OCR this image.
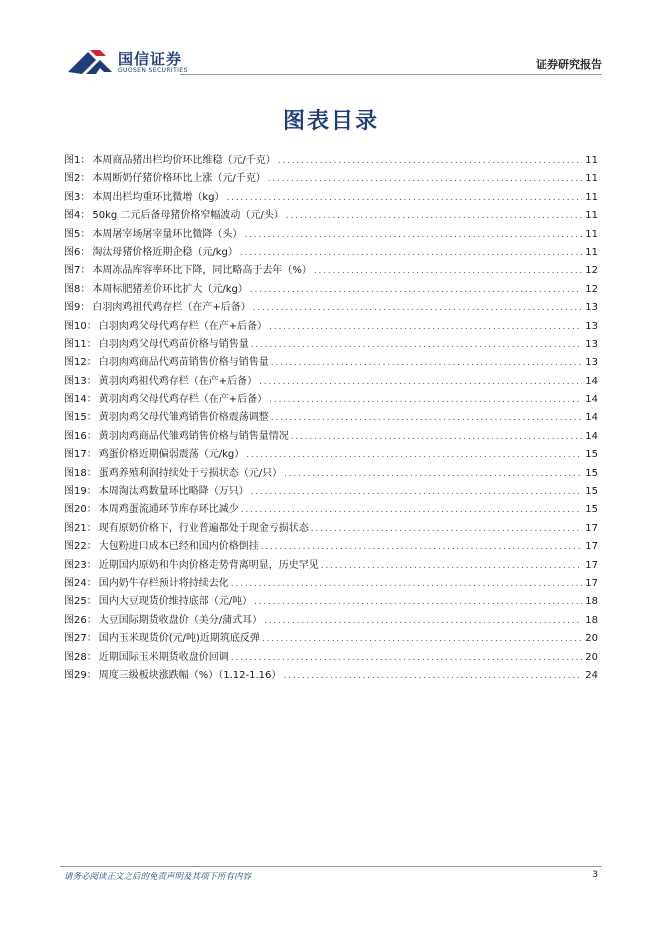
国信证券
GUOSEN SECURITIES	证券研究报告
图表目录
图1： 本周商品猪出栏均价环比维稳（元/千克） .....	11
图2： 本周断奶仔猪价格环比上涨（元/千克） .....	11
图3： 本周出栏均重环比微增（kg） .....	11
图4： 50kg 二元后备母猪价格窄幅波动（元/头） .....	11
图5： 本周屠宰场屠宰量环比微降（头） .....	11
图6： 淘汰母猪价格近期企稳（元/kg） .....	11
图7： 本周冻品库容率环比下降，同比略高于去年（%） .....	12
图8： 本周标肥猪差价环比扩大（元/kg） .....	12
图9： 白羽肉鸡祖代鸡存栏（在产+后备） .....	13
图10： 白羽肉鸡父母代鸡存栏（在产+后备） .....	13
图11： 白羽肉鸡父母代鸡苗价格与销售量 .....	13
图12： 白羽肉鸡商品代鸡苗销售价格与销售量 .....	13
图13： 黄羽肉鸡祖代鸡存栏（在产+后备） .....	14
图14： 黄羽肉鸡父母代鸡存栏（在产+后备） .....	14
图15： 黄羽肉鸡父母代雏鸡销售价格震荡调整 .....	14
图16： 黄羽肉鸡商品代雏鸡销售价格与销售量情况 .....	14
图17： 鸡蛋价格近期偏弱震荡（元/kg） .....	15
图18： 蛋鸡养殖利润持续处于亏损状态（元/只） .....	15
图19： 本周淘汰鸡数量环比略降（万只） .....	15
图20： 本周鸡蛋流通环节库存环比减少 .....	15
图21： 现有原奶价格下，行业普遍都处于现金亏损状态 .....	17
图22： 大包粉进口成本已经和国内价格倒挂 .....	17
图23： 近期国内原奶和牛肉价格走势背离明显，历史罕见 .....	17
图24： 国内奶牛存栏预计将持续去化 .....	17
图25： 国内大豆现货价维持底部（元/吨） .....	18
图26： 大豆国际期货收盘价（美分/蒲式耳） .....	18
图27： 国内玉米现货价(元/吨)近期筑底反弹 .....	20
图28： 近期国际玉米期货收盘价回调 .....	20
图29： 周度三级板块涨跌幅（%）（1.12-1.16） .....	24
请务必阅读正文之后的免责声明及其项下所有内容	3
